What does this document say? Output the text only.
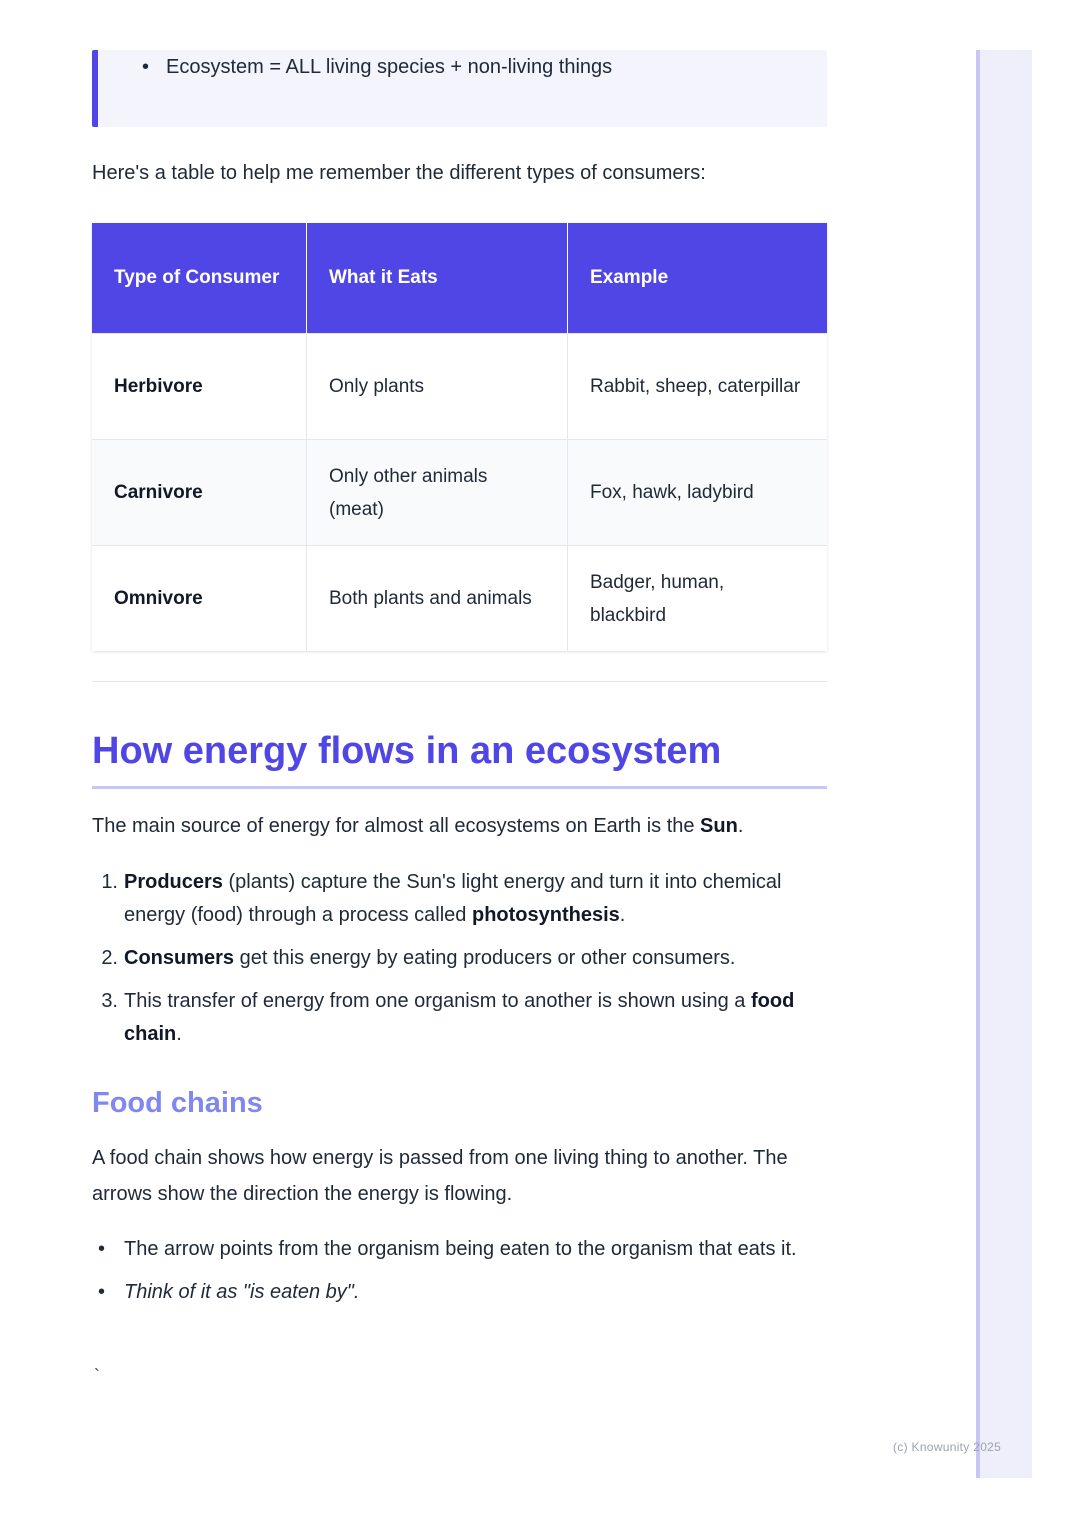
• Ecosystem = ALL living species + non-living things
Here's a table to help me remember the different types of consumers:
Type of Consumer	What it Eats	Example
Herbivore	Only plants	Rabbit, sheep, caterpillar
Carnivore	Only other animals (meat)	Fox, hawk, ladybird
Omnivore	Both plants and animals	Badger, human, blackbird
How energy flows in an ecosystem
The main source of energy for almost all ecosystems on Earth is the Sun.
1. Producers (plants) capture the Sun's light energy and turn it into chemical energy (food) through a process called photosynthesis.
2. Consumers get this energy by eating producers or other consumers.
3. This transfer of energy from one organism to another is shown using a food chain.
Food chains
A food chain shows how energy is passed from one living thing to another. The arrows show the direction the energy is flowing.
• The arrow points from the organism being eaten to the organism that eats it.
• Think of it as "is eaten by".
`
(c) Knowunity 2025
